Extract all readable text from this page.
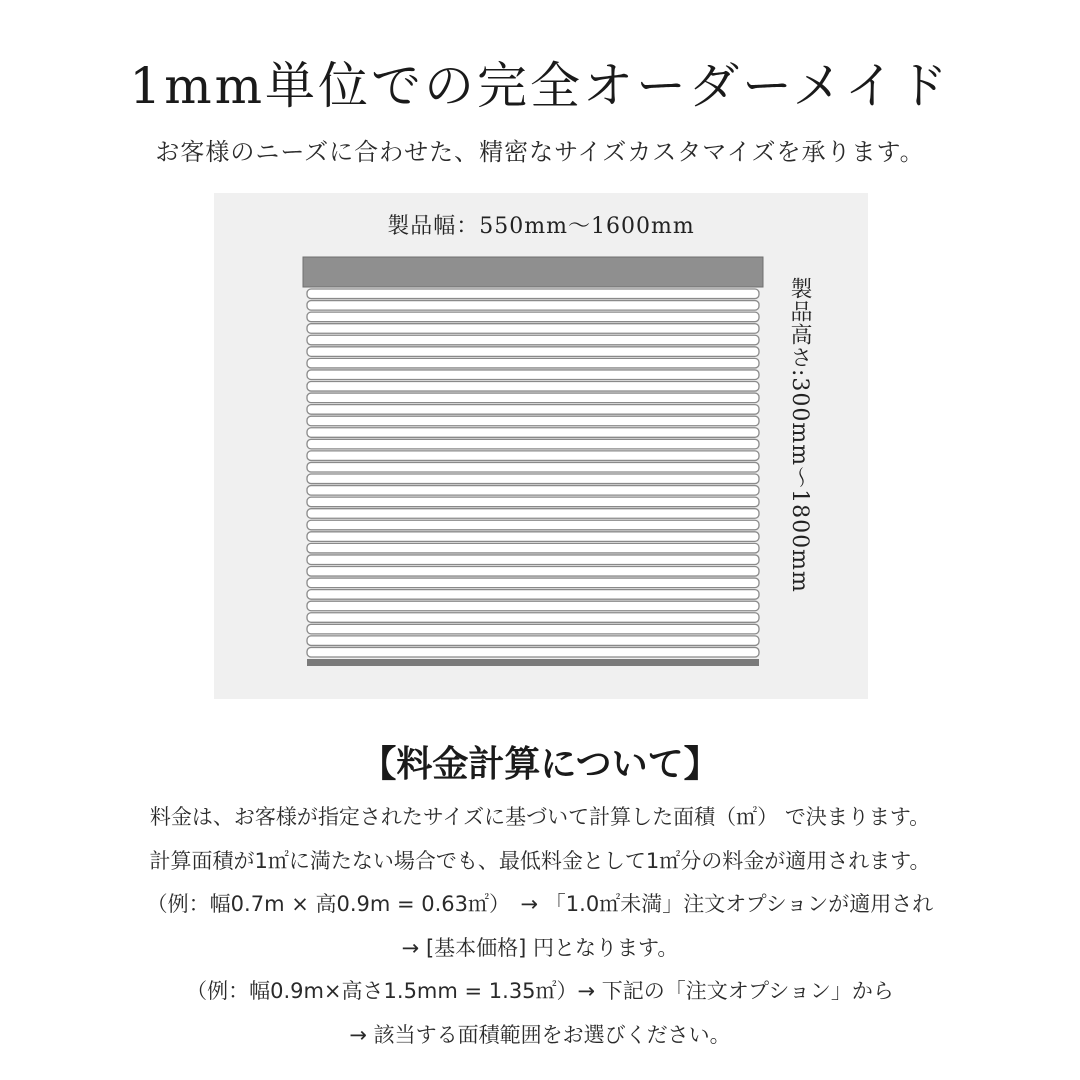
1mm単位での完全オーダーメイド
お客様のニーズに合わせた、精密なサイズカスタマイズを承ります。
製品幅：550mm〜1600mm
製品高さ:300mm〜1800mm
【料金計算について】
料金は、お客様が指定されたサイズに基づいて計算した面積（㎡） で決まります。
計算面積が1㎡に満たない場合でも、最低料金として1㎡分の料金が適用されます。
（例：幅0.7m × 高0.9m = 0.63㎡）　→ 「1.0㎡未満」注文オプションが適用され
→ [基本価格] 円となります。
（例：幅0.9m×高さ1.5mm = 1.35㎡）→ 下記の「注文オプション」から
→ 該当する面積範囲をお選びください。
